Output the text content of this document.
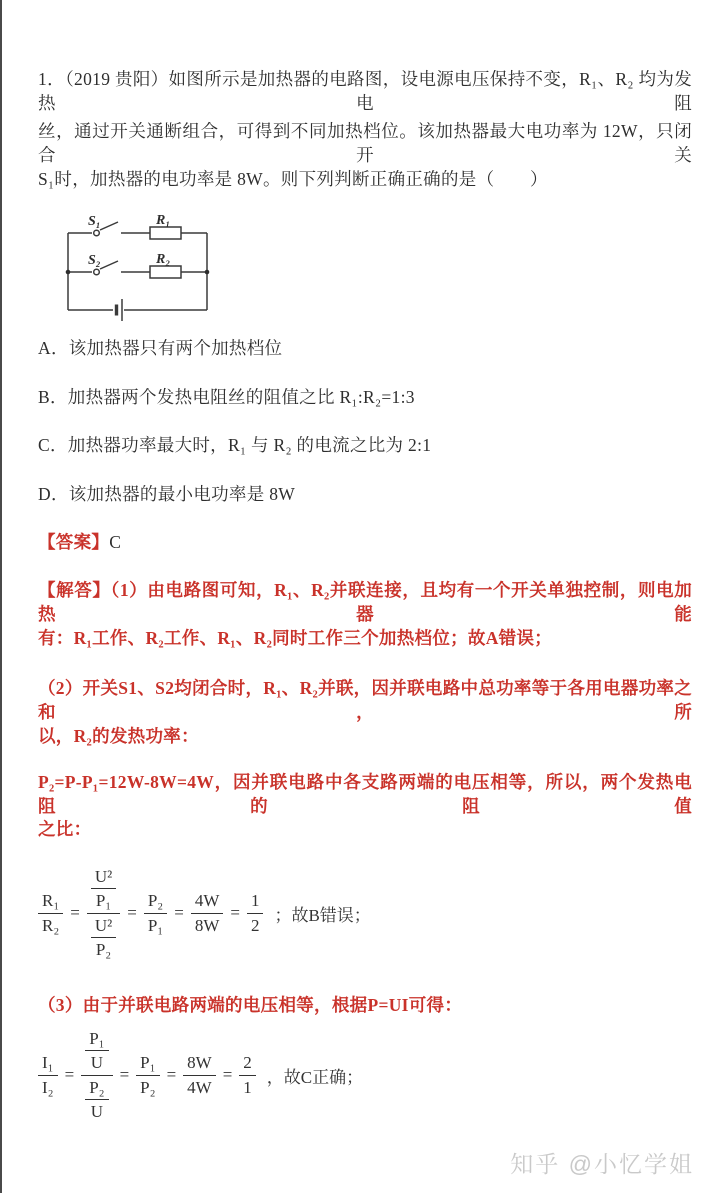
1．（2019 贵阳）如图所示是加热器的电路图，设电源电压保持不变，R₁、R₂ 均为发热电阻
丝，通过开关通断组合，可得到不同加热档位。该加热器最大电功率为 12W，只闭合开关
S₁时，加热器的电功率是 8W。则下列判断正确正确的是（　　）
S₁	R₁
S₂	R₂
A．该加热器只有两个加热档位
B．加热器两个发热电阻丝的阻值之比 R₁:R₂=1:3
C．加热器功率最大时，R₁ 与 R₂ 的电流之比为 2:1
D．该加热器的最小电功率是 8W
【答案】C
【解答】（1）由电路图可知，R₁、R₂并联连接，且均有一个开关单独控制，则电加热器能
有：R₁工作、R₂工作、R₁、R₂同时工作三个加热档位；故A错误；
（2）开关S1、S2均闭合时，R₁、R₂并联，因并联电路中总功率等于各用电器功率之和，所
以，R₂的发热功率：
P₂=P-P₁=12W-8W=4W，因并联电路中各支路两端的电压相等，所以，两个发热电阻的阻值
之比：
$\frac{\text{R₁}}{\text{R₂}} = \frac{\frac{\text{U²}}{\text{P₁}}}{\frac{\text{U²}}{\text{P₂}}} = \frac{\text{P₂}}{\text{P₁}} = \frac{4W}{8W} = \frac{1}{2}$ ；故B错误；
（3）由于并联电路两端的电压相等，根据P=UI可得：
$\frac{\text{I₁}}{\text{I₂}} = \frac{\frac{\text{P₁}}{U}}{\frac{\text{P₂}}{U}} = \frac{\text{P₁}}{\text{P₂}} = \frac{8W}{4W} = \frac{2}{1}$ ，故C正确；
知乎 @小忆学姐
